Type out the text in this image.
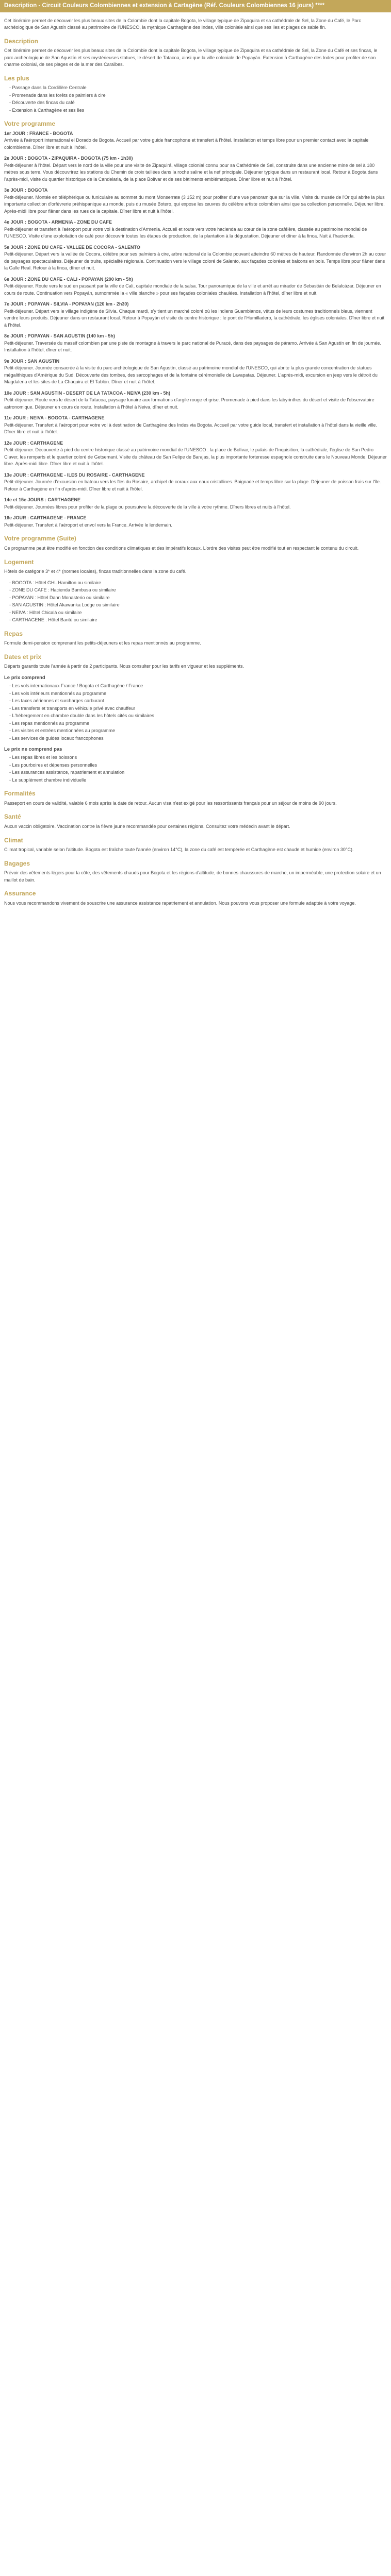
Description - Circuit Couleurs Colombiennes et extension à Cartagène (Réf. Couleurs Colombiennes 16 jours) ****

Cet itinéraire permet de découvrir les plus beaux sites de la Colombie dont la capitale Bogota, le village typique de Zipaquira et sa cathédrale de Sel, la Zone du Café, le Parc archéologique de San Agustín classé au patrimoine de l'UNESCO, la mythique Carthagène des Indes, ville coloniale ainsi que ses iles et plages de sable fin.

Description

Cet itinéraire permet de découvrir les plus beaux sites de la Colombie dont la capitale Bogota, le village typique de Zipaquira et sa cathédrale de Sel, la Zone du Café et ses fincas, le parc archéologique de San Agustín et ses mystérieuses statues, le désert de Tatacoa, ainsi que la ville coloniale de Popayán. Extension à Carthagène des Indes pour profiter de son charme colonial, de ses plages et de la mer des Caraïbes.

Les plus
- Passage dans la Cordillère Centrale
- Promenade dans les forêts de palmiers à cire
- Découverte des fincas du café
- Extension à Carthagène et ses îles
Votre programme
1er JOUR : FRANCE - BOGOTA

Arrivée à l'aéroport international el Dorado de Bogota. Accueil par votre guide francophone et transfert à l'hôtel. Installation et temps libre pour un premier contact avec la capitale colombienne. Dîner libre et nuit à l'hôtel.

2e JOUR : BOGOTA - ZIPAQUIRA - BOGOTA (75 km - 1h30)

Petit-déjeuner à l'hôtel. Départ vers le nord de la ville pour une visite de Zipaquirá, village colonial connu pour sa Cathédrale de Sel, construite dans une ancienne mine de sel à 180 mètres sous terre. Vous découvrirez les stations du Chemin de croix taillées dans la roche saline et la nef principale. Déjeuner typique dans un restaurant local. Retour à Bogota dans l'après-midi, visite du quartier historique de la Candelaria, de la place Bolívar et de ses bâtiments emblématiques. Dîner libre et nuit à l'hôtel.

3e JOUR : BOGOTA

Petit-déjeuner. Montée en téléphérique ou funiculaire au sommet du mont Monserrate (3 152 m) pour profiter d'une vue panoramique sur la ville. Visite du musée de l'Or qui abrite la plus importante collection d'orfèvrerie préhispanique au monde, puis du musée Botero, qui expose les œuvres du célèbre artiste colombien ainsi que sa collection personnelle. Déjeuner libre. Après-midi libre pour flâner dans les rues de la capitale. Dîner libre et nuit à l'hôtel.

4e JOUR : BOGOTA - ARMENIA - ZONE DU CAFE

Petit-déjeuner et transfert à l'aéroport pour votre vol à destination d'Armenia. Accueil et route vers votre hacienda au cœur de la zone caféière, classée au patrimoine mondial de l'UNESCO. Visite d'une exploitation de café pour découvrir toutes les étapes de production, de la plantation à la dégustation. Déjeuner et dîner à la finca. Nuit à l'hacienda.

5e JOUR : ZONE DU CAFE - VALLEE DE COCORA - SALENTO

Petit-déjeuner. Départ vers la vallée de Cocora, célèbre pour ses palmiers à cire, arbre national de la Colombie pouvant atteindre 60 mètres de hauteur. Randonnée d'environ 2h au cœur de paysages spectaculaires. Déjeuner de truite, spécialité régionale. Continuation vers le village coloré de Salento, aux façades colorées et balcons en bois. Temps libre pour flâner dans la Calle Real. Retour à la finca, dîner et nuit.

6e JOUR : ZONE DU CAFE - CALI - POPAYAN (290 km - 5h)

Petit-déjeuner. Route vers le sud en passant par la ville de Cali, capitale mondiale de la salsa. Tour panoramique de la ville et arrêt au mirador de Sebastián de Belalcázar. Déjeuner en cours de route. Continuation vers Popayán, surnommée la « ville blanche » pour ses façades coloniales chaulées. Installation à l'hôtel, dîner libre et nuit.

7e JOUR : POPAYAN - SILVIA - POPAYAN (120 km - 2h30)

Petit-déjeuner. Départ vers le village indigène de Silvia. Chaque mardi, s'y tient un marché coloré où les indiens Guambianos, vêtus de leurs costumes traditionnels bleus, viennent vendre leurs produits. Déjeuner dans un restaurant local. Retour à Popayán et visite du centre historique : le pont de l'Humilladero, la cathédrale, les églises coloniales. Dîner libre et nuit à l'hôtel.

8e JOUR : POPAYAN - SAN AGUSTIN (140 km - 5h)

Petit-déjeuner. Traversée du massif colombien par une piste de montagne à travers le parc national de Puracé, dans des paysages de páramo. Arrivée à San Agustín en fin de journée. Installation à l'hôtel, dîner et nuit.

9e JOUR : SAN AGUSTIN

Petit-déjeuner. Journée consacrée à la visite du parc archéologique de San Agustín, classé au patrimoine mondial de l'UNESCO, qui abrite la plus grande concentration de statues mégalithiques d'Amérique du Sud. Découverte des tombes, des sarcophages et de la fontaine cérémonielle de Lavapatas. Déjeuner. L'après-midi, excursion en jeep vers le détroit du Magdalena et les sites de La Chaquira et El Tablón. Dîner et nuit à l'hôtel.

10e JOUR : SAN AGUSTIN - DESERT DE LA TATACOA - NEIVA (230 km - 5h)

Petit-déjeuner. Route vers le désert de la Tatacoa, paysage lunaire aux formations d'argile rouge et grise. Promenade à pied dans les labyrinthes du désert et visite de l'observatoire astronomique. Déjeuner en cours de route. Installation à l'hôtel à Neiva, dîner et nuit.

11e JOUR : NEIVA - BOGOTA - CARTHAGENE

Petit-déjeuner. Transfert à l'aéroport pour votre vol à destination de Carthagène des Indes via Bogota. Accueil par votre guide local, transfert et installation à l'hôtel dans la vieille ville. Dîner libre et nuit à l'hôtel.

12e JOUR : CARTHAGENE

Petit-déjeuner. Découverte à pied du centre historique classé au patrimoine mondial de l'UNESCO : la place de Bolívar, le palais de l'Inquisition, la cathédrale, l'église de San Pedro Claver, les remparts et le quartier coloré de Getsemaní. Visite du château de San Felipe de Barajas, la plus importante forteresse espagnole construite dans le Nouveau Monde. Déjeuner libre. Après-midi libre. Dîner libre et nuit à l'hôtel.

13e JOUR : CARTHAGENE - ILES DU ROSAIRE - CARTHAGENE

Petit-déjeuner. Journée d'excursion en bateau vers les îles du Rosaire, archipel de coraux aux eaux cristallines. Baignade et temps libre sur la plage. Déjeuner de poisson frais sur l'île. Retour à Carthagène en fin d'après-midi. Dîner libre et nuit à l'hôtel.

14e et 15e JOURS : CARTHAGENE

Petit-déjeuner. Journées libres pour profiter de la plage ou poursuivre la découverte de la ville à votre rythme. Dîners libres et nuits à l'hôtel.

16e JOUR : CARTHAGENE - FRANCE

Petit-déjeuner. Transfert à l'aéroport et envol vers la France. Arrivée le lendemain.

Votre programme (Suite)

Ce programme peut être modifié en fonction des conditions climatiques et des impératifs locaux. L'ordre des visites peut être modifié tout en respectant le contenu du circuit.

Logement

Hôtels de catégorie 3* et 4* (normes locales), fincas traditionnelles dans la zone du café.

- BOGOTA : Hôtel GHL Hamilton ou similaire
- ZONE DU CAFE : Hacienda Bambusa ou similaire
- POPAYAN : Hôtel Dann Monasterio ou similaire
- SAN AGUSTIN : Hôtel Akawanka Lodge ou similaire
- NEIVA : Hôtel Chicalá ou similaire
- CARTHAGENE : Hôtel Bantú ou similaire
Repas

Formule demi-pension comprenant les petits-déjeuners et les repas mentionnés au programme.

Dates et prix

Départs garantis toute l'année à partir de 2 participants. Nous consulter pour les tarifs en vigueur et les suppléments.

Le prix comprend
- Les vols internationaux France / Bogota et Carthagène / France
- Les vols intérieurs mentionnés au programme
- Les taxes aériennes et surcharges carburant
- Les transferts et transports en véhicule privé avec chauffeur
- L'hébergement en chambre double dans les hôtels cités ou similaires
- Les repas mentionnés au programme
- Les visites et entrées mentionnées au programme
- Les services de guides locaux francophones
Le prix ne comprend pas
- Les repas libres et les boissons
- Les pourboires et dépenses personnelles
- Les assurances assistance, rapatriement et annulation
- Le supplément chambre individuelle
Formalités

Passeport en cours de validité, valable 6 mois après la date de retour. Aucun visa n'est exigé pour les ressortissants français pour un séjour de moins de 90 jours.

Santé

Aucun vaccin obligatoire. Vaccination contre la fièvre jaune recommandée pour certaines régions. Consultez votre médecin avant le départ.

Climat

Climat tropical, variable selon l'altitude. Bogota est fraîche toute l'année (environ 14°C), la zone du café est tempérée et Carthagène est chaude et humide (environ 30°C).

Bagages

Prévoir des vêtements légers pour la côte, des vêtements chauds pour Bogota et les régions d'altitude, de bonnes chaussures de marche, un imperméable, une protection solaire et un maillot de bain.

Assurance

Nous vous recommandons vivement de souscrire une assurance assistance rapatriement et annulation. Nous pouvons vous proposer une formule adaptée à votre voyage.
